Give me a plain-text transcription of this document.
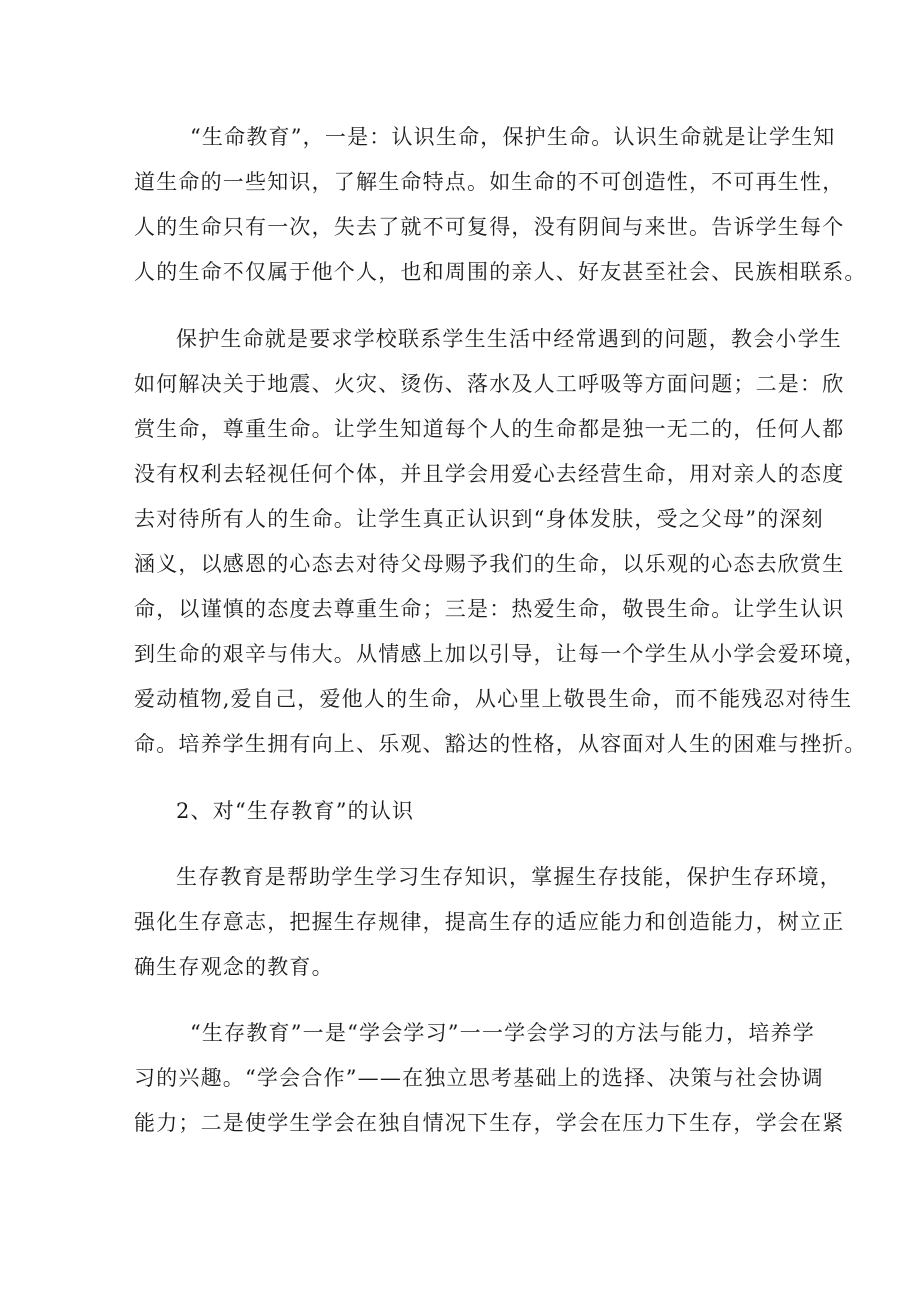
“生命教育”，一是：认识生命，保护生命。认识生命就是让学生知
道生命的一些知识，了解生命特点。如生命的不可创造性，不可再生性，
人的生命只有一次，失去了就不可复得，没有阴间与来世。告诉学生每个
人的生命不仅属于他个人，也和周围的亲人、好友甚至社会、民族相联系。
保护生命就是要求学校联系学生生活中经常遇到的问题，教会小学生
如何解决关于地震、火灾、烫伤、落水及人工呼吸等方面问题；二是：欣
赏生命，尊重生命。让学生知道每个人的生命都是独一无二的，任何人都
没有权利去轻视任何个体，并且学会用爱心去经营生命，用对亲人的态度
去对待所有人的生命。让学生真正认识到“身体发肤，受之父母”的深刻
涵义，以感恩的心态去对待父母赐予我们的生命，以乐观的心态去欣赏生
命，以谨慎的态度去尊重生命；三是：热爱生命，敬畏生命。让学生认识
到生命的艰辛与伟大。从情感上加以引导，让每一个学生从小学会爱环境，
爱动植物,爱自己，爱他人的生命，从心里上敬畏生命，而不能残忍对待生
命。培养学生拥有向上、乐观、豁达的性格，从容面对人生的困难与挫折。
2、对“生存教育”的认识
生存教育是帮助学生学习生存知识，掌握生存技能，保护生存环境，
强化生存意志，把握生存规律，提高生存的适应能力和创造能力，树立正
确生存观念的教育。
“生存教育”一是“学会学习”一一学会学习的方法与能力，培养学
习的兴趣。“学会合作”——在独立思考基础上的选择、决策与社会协调
能力；二是使学生学会在独自情况下生存，学会在压力下生存，学会在紧
